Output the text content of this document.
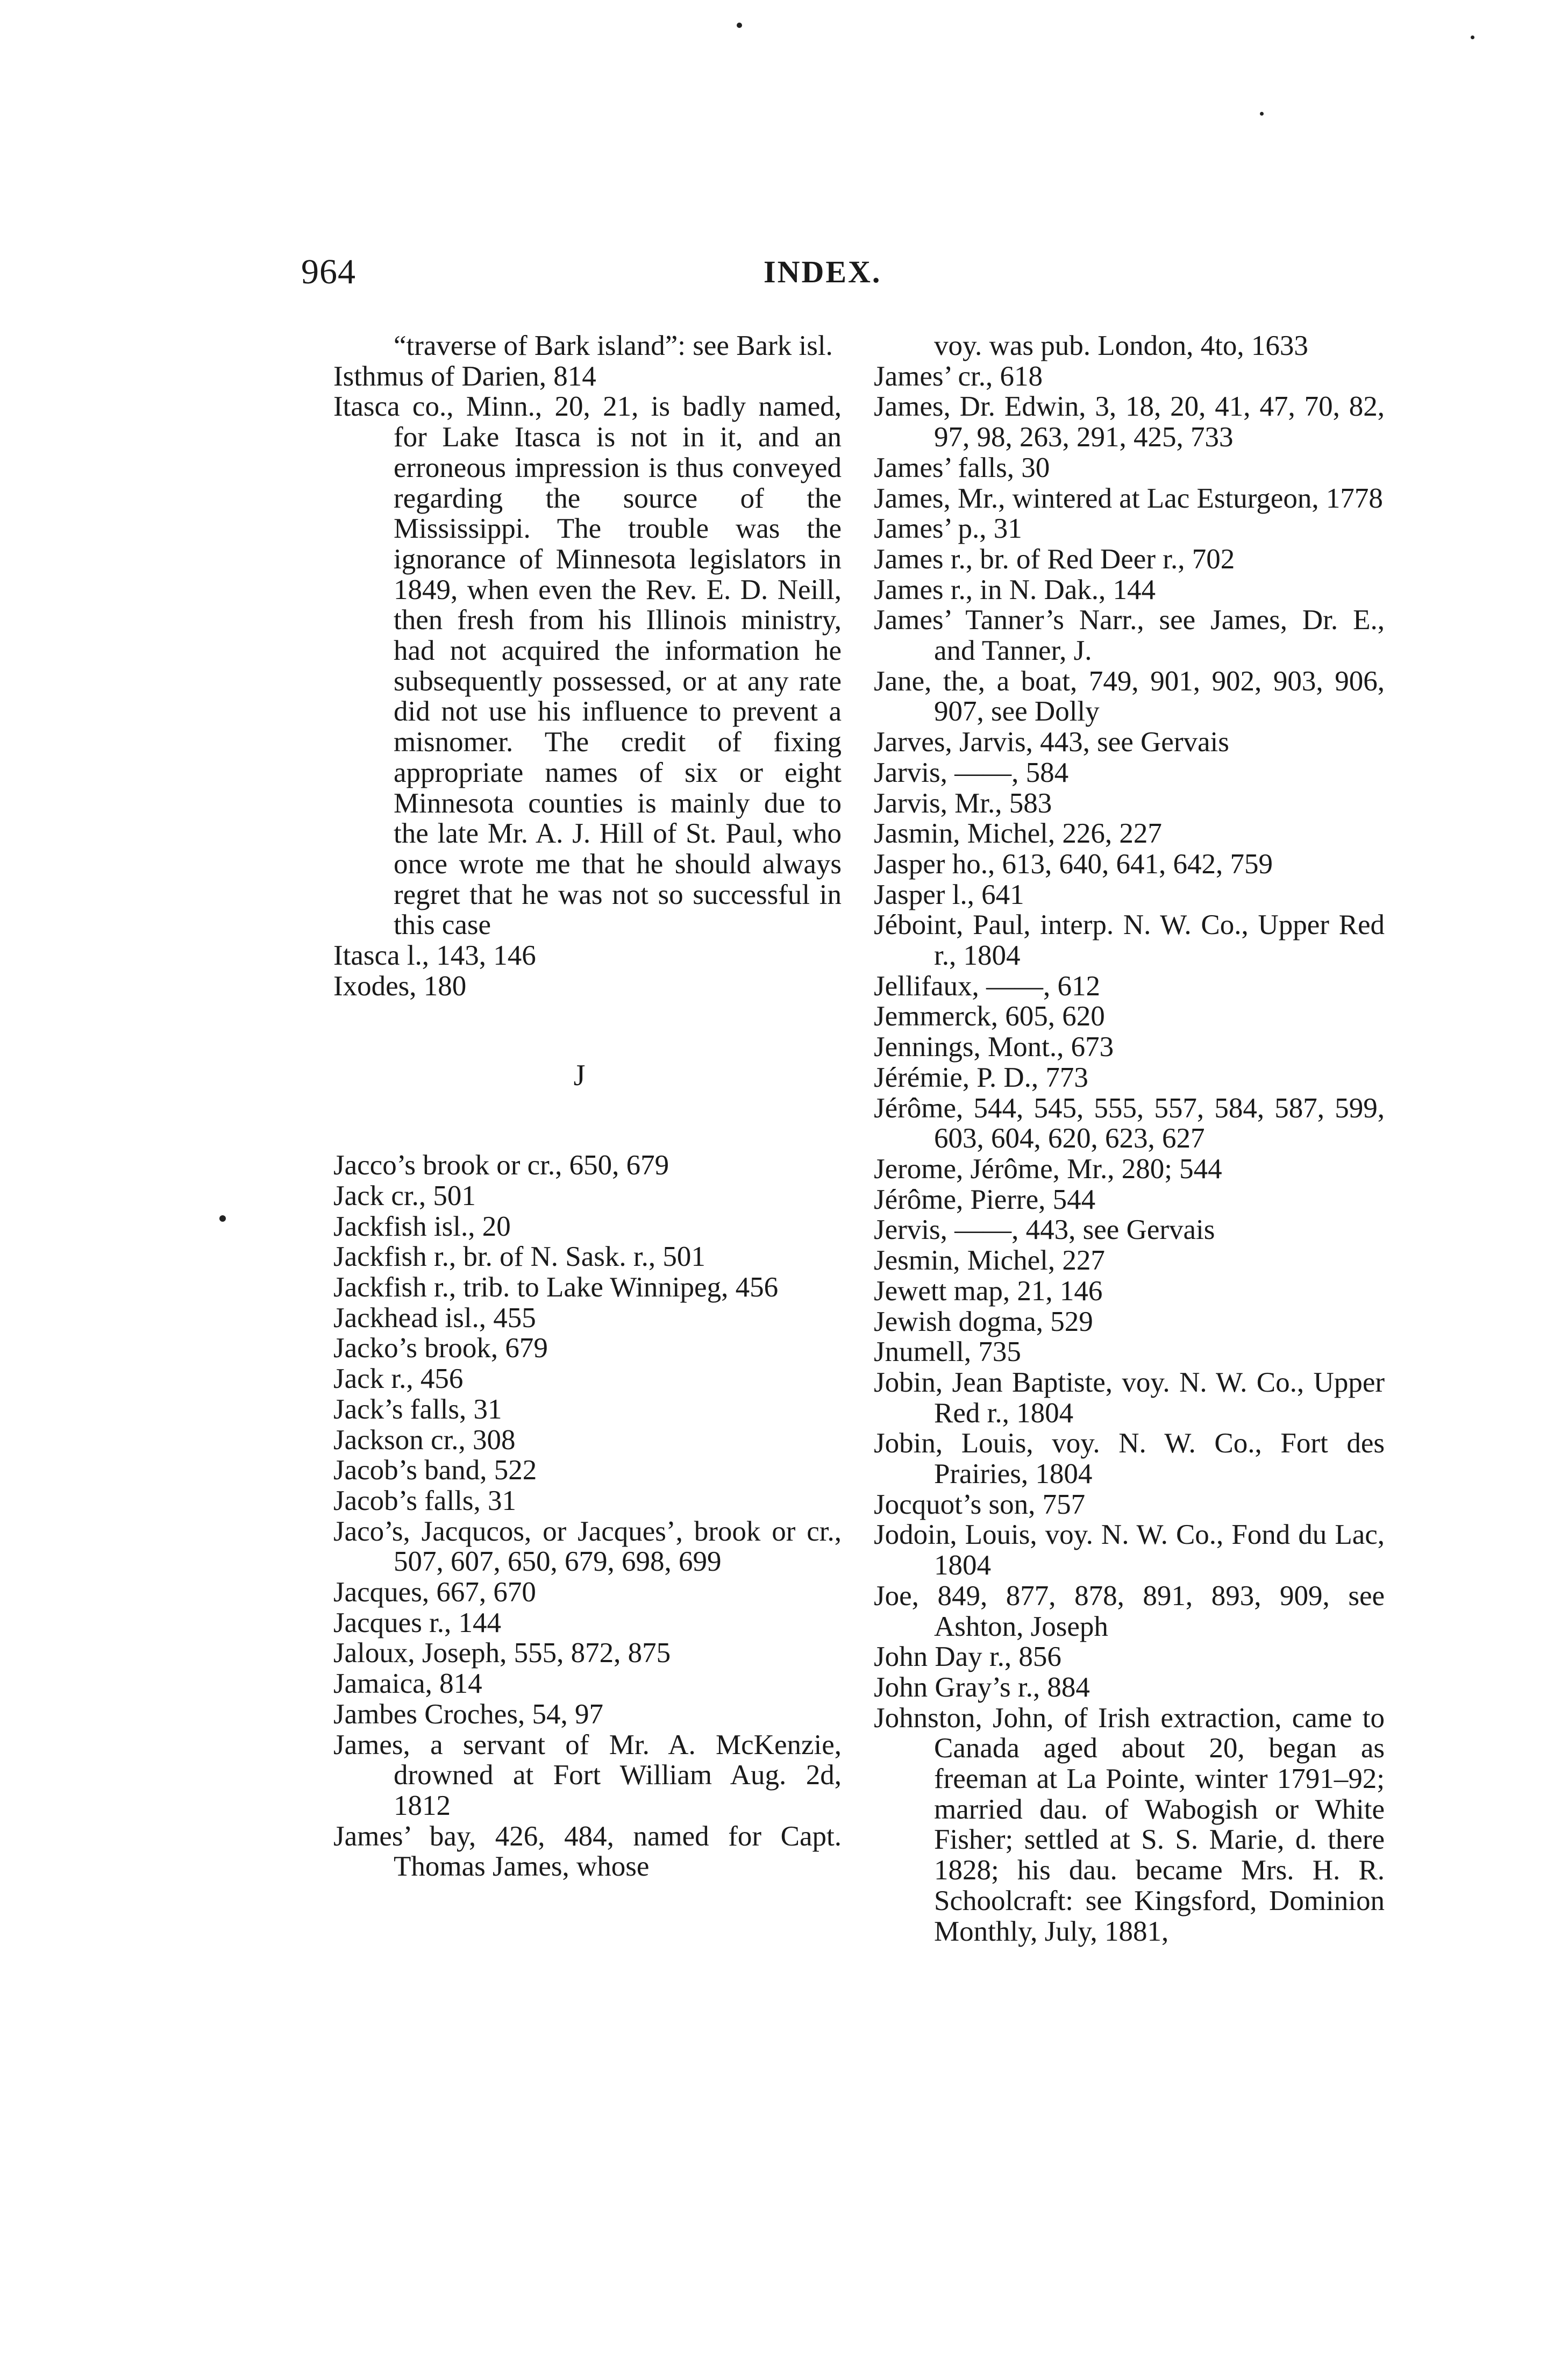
964	INDEX.

“traverse of Bark island”: see Bark isl.

Isthmus of Darien, 814

Itasca co., Minn., 20, 21, is badly named, for Lake Itasca is not in it, and an erroneous impression is thus conveyed regarding the source of the Mississippi. The trouble was the ignorance of Minnesota legislators in 1849, when even the Rev. E. D. Neill, then fresh from his Illinois ministry, had not acquired the information he subsequently possessed, or at any rate did not use his influence to prevent a misnomer. The credit of fixing appropriate names of six or eight Minnesota counties is mainly due to the late Mr. A. J. Hill of St. Paul, who once wrote me that he should always regret that he was not so successful in this case

Itasca l., 143, 146

Ixodes, 180

J

Jacco’s brook or cr., 650, 679

Jack cr., 501

Jackfish isl., 20

Jackfish r., br. of N. Sask. r., 501

Jackfish r., trib. to Lake Winnipeg, 456

Jackhead isl., 455

Jacko’s brook, 679

Jack r., 456

Jack’s falls, 31

Jackson cr., 308

Jacob’s band, 522

Jacob’s falls, 31

Jaco’s, Jacqucos, or Jacques’, brook or cr., 507, 607, 650, 679, 698, 699

Jacques, 667, 670

Jacques r., 144

Jaloux, Joseph, 555, 872, 875

Jamaica, 814

Jambes Croches, 54, 97

James, a servant of Mr. A. McKenzie, drowned at Fort William Aug. 2d, 1812

James’ bay, 426, 484, named for Capt. Thomas James, whose

voy. was pub. London, 4to, 1633

James’ cr., 618

James, Dr. Edwin, 3, 18, 20, 41, 47, 70, 82, 97, 98, 263, 291, 425, 733

James’ falls, 30

James, Mr., wintered at Lac Esturgeon, 1778

James’ p., 31

James r., br. of Red Deer r., 702

James r., in N. Dak., 144

James’ Tanner’s Narr., see James, Dr. E., and Tanner, J.

Jane, the, a boat, 749, 901, 902, 903, 906, 907, see Dolly

Jarves, Jarvis, 443, see Gervais

Jarvis, ——, 584

Jarvis, Mr., 583

Jasmin, Michel, 226, 227

Jasper ho., 613, 640, 641, 642, 759

Jasper l., 641

Jéboint, Paul, interp. N. W. Co., Upper Red r., 1804

Jellifaux, ——, 612

Jemmerck, 605, 620

Jennings, Mont., 673

Jérémie, P. D., 773

Jérôme, 544, 545, 555, 557, 584, 587, 599, 603, 604, 620, 623, 627

Jerome, Jérôme, Mr., 280; 544

Jérôme, Pierre, 544

Jervis, ——, 443, see Gervais

Jesmin, Michel, 227

Jewett map, 21, 146

Jewish dogma, 529

Jnumell, 735

Jobin, Jean Baptiste, voy. N. W. Co., Upper Red r., 1804

Jobin, Louis, voy. N. W. Co., Fort des Prairies, 1804

Jocquot’s son, 757

Jodoin, Louis, voy. N. W. Co., Fond du Lac, 1804

Joe, 849, 877, 878, 891, 893, 909, see Ashton, Joseph

John Day r., 856

John Gray’s r., 884

Johnston, John, of Irish extraction, came to Canada aged about 20, began as freeman at La Pointe, winter 1791–92; married dau. of Wabogish or White Fisher; settled at S. S. Marie, d. there 1828; his dau. became Mrs. H. R. Schoolcraft: see Kingsford, Dominion Monthly, July, 1881,
